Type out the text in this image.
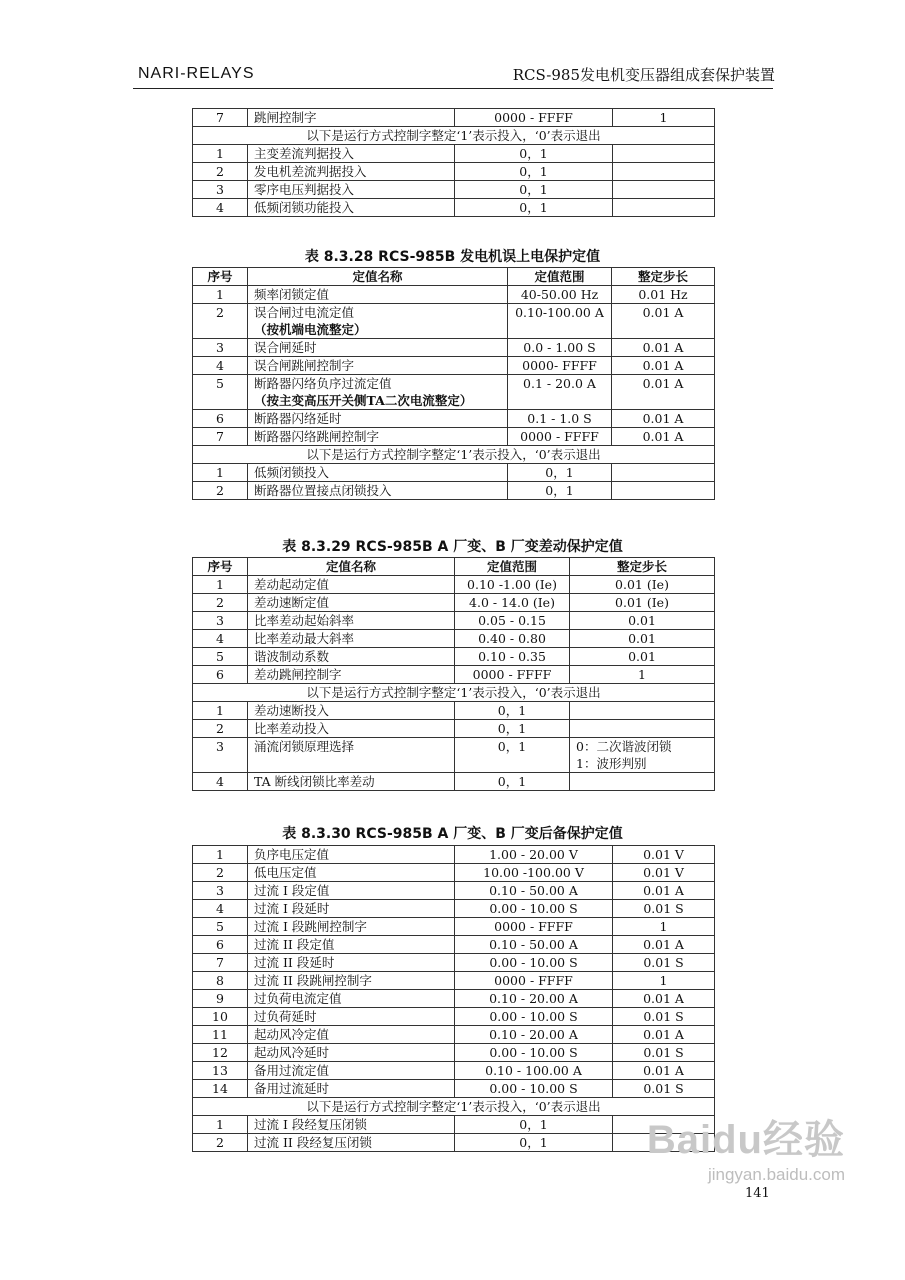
NARI-RELAYS	RCS-985发电机变压器组成套保护装置
7	跳闸控制字	0000 - FFFF	1
以下是运行方式控制字整定‘1’表示投入，‘0’表示退出			
1	主变差流判据投入	0，1	
2	发电机差流判据投入	0，1	
3	零序电压判据投入	0，1	
4	低频闭锁功能投入	0，1	
表 8.3.28 RCS-985B 发电机误上电保护定值
序号	定值名称	定值范围	整定步长
1	频率闭锁定值	40-50.00 Hz	0.01 Hz
2	误合闸过电流定值
（按机端电流整定）	0.10-100.00 A	0.01 A
3	误合闸延时	0.0 - 1.00 S	0.01 A
4	误合闸跳闸控制字	0000- FFFF	0.01 A
5	断路器闪络负序过流定值
（按主变高压开关侧TA二次电流整定）	0.1 - 20.0 A	0.01 A
6	断路器闪络延时	0.1 - 1.0 S	0.01 A
7	断路器闪络跳闸控制字	0000 - FFFF	0.01 A
以下是运行方式控制字整定‘1’表示投入，‘0’表示退出			
1	低频闭锁投入	0，1	
2	断路器位置接点闭锁投入	0，1	
表 8.3.29 RCS-985B A 厂变、B 厂变差动保护定值
序号	定值名称	定值范围	整定步长
1	差动起动定值	0.10 -1.00 (Ie)	0.01 (Ie)
2	差动速断定值	4.0 - 14.0 (Ie)	0.01 (Ie)
3	比率差动起始斜率	0.05 - 0.15	0.01
4	比率差动最大斜率	0.40 - 0.80	0.01
5	谐波制动系数	0.10 - 0.35	0.01
6	差动跳闸控制字	0000 - FFFF	1
以下是运行方式控制字整定‘1’表示投入，‘0’表示退出			
1	差动速断投入	0，1	

2	比率差动投入	0，1	

3	涌流闭锁原理选择	0，1	0：二次谐波闭锁
1：波形判别

4	TA 断线闭锁比率差动	0，1	
表 8.3.30 RCS-985B A 厂变、B 厂变后备保护定值
1	负序电压定值	1.00 - 20.00 V	0.01 V
2	低电压定值	10.00 -100.00 V	0.01 V
3	过流 I 段定值	0.10 - 50.00 A	0.01 A
4	过流 I 段延时	0.00 - 10.00 S	0.01 S
5	过流 I 段跳闸控制字	0000 - FFFF	1
6	过流 II 段定值	0.10 - 50.00 A	0.01 A
7	过流 II 段延时	0.00 - 10.00 S	0.01 S
8	过流 II 段跳闸控制字	0000 - FFFF	1
9	过负荷电流定值	0.10 - 20.00 A	0.01 A
10	过负荷延时	0.00 - 10.00 S	0.01 S
11	起动风冷定值	0.10 - 20.00 A	0.01 A
12	起动风冷延时	0.00 - 10.00 S	0.01 S
13	备用过流定值	0.10 - 100.00 A	0.01 A
14	备用过流延时	0.00 - 10.00 S	0.01 S
以下是运行方式控制字整定‘1’表示投入，‘0’表示退出			
1	过流 I 段经复压闭锁	0，1	
2	过流 II 段经复压闭锁	0，1	
141
Baidu经验
jingyan.baidu.com
